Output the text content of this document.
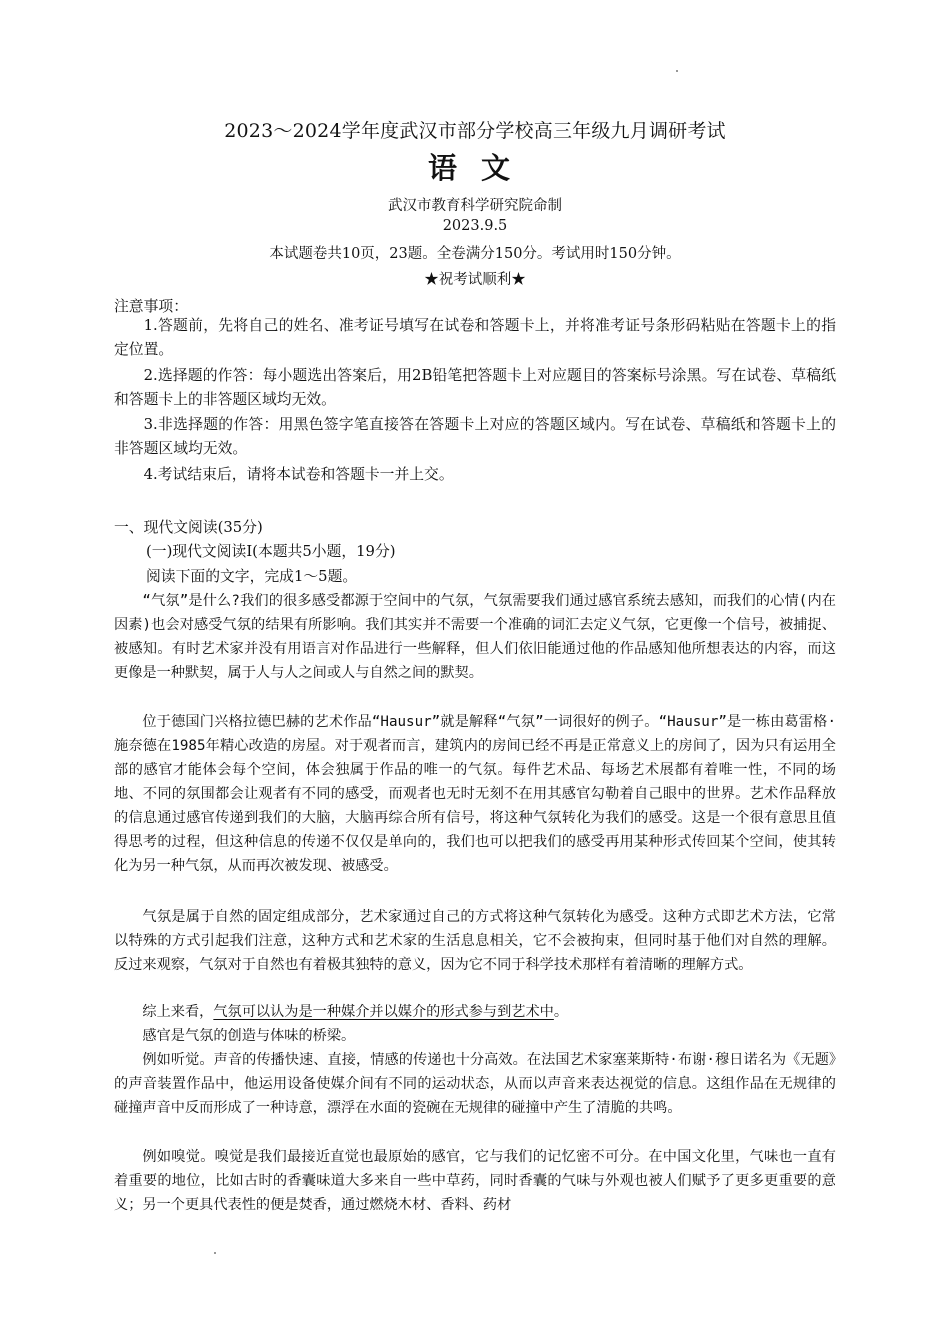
2023～2024学年度武汉市部分学校高三年级九月调研考试
语文
武汉市教育科学研究院命制
2023.9.5
本试题卷共10页，23题。全卷满分150分。考试用时150分钟。
★祝考试顺利★
注意事项：
1.答题前，先将自己的姓名、准考证号填写在试卷和答题卡上，并将准考证号条形码粘贴在答题卡上的指定位置。
2.选择题的作答：每小题选出答案后，用2B铅笔把答题卡上对应题目的答案标号涂黑。写在试卷、草稿纸和答题卡上的非答题区域均无效。
3.非选择题的作答：用黑色签字笔直接答在答题卡上对应的答题区域内。写在试卷、草稿纸和答题卡上的非答题区域均无效。
4.考试结束后，请将本试卷和答题卡一并上交。
一、现代文阅读(35分)
(一)现代文阅读I(本题共5小题，19分)
阅读下面的文字，完成1～5题。
“气氛”是什么?我们的很多感受都源于空间中的气氛，气氛需要我们通过感官系统去感知，而我们的心情(内在因素)也会对感受气氛的结果有所影响。我们其实并不需要一个准确的词汇去定义气氛，它更像一个信号，被捕捉、被感知。有时艺术家并没有用语言对作品进行一些解释，但人们依旧能通过他的作品感知他所想表达的内容，而这更像是一种默契，属于人与人之间或人与自然之间的默契。
位于德国门兴格拉德巴赫的艺术作品“Hausur”就是解释“气氛”一词很好的例子。“Hausur”是一栋由葛雷格·施奈德在1985年精心改造的房屋。对于观者而言，建筑内的房间已经不再是正常意义上的房间了，因为只有运用全部的感官才能体会每个空间，体会独属于作品的唯一的气氛。每件艺术品、每场艺术展都有着唯一性，不同的场地、不同的氛围都会让观者有不同的感受，而观者也无时无刻不在用其感官勾勒着自己眼中的世界。艺术作品释放的信息通过感官传递到我们的大脑，大脑再综合所有信号，将这种气氛转化为我们的感受。这是一个很有意思且值得思考的过程，但这种信息的传递不仅仅是单向的，我们也可以把我们的感受再用某种形式传回某个空间，使其转化为另一种气氛，从而再次被发现、被感受。
气氛是属于自然的固定组成部分，艺术家通过自己的方式将这种气氛转化为感受。这种方式即艺术方法，它常以特殊的方式引起我们注意，这种方式和艺术家的生活息息相关，它不会被拘束，但同时基于他们对自然的理解。反过来观察，气氛对于自然也有着极其独特的意义，因为它不同于科学技术那样有着清晰的理解方式。
综上来看，气氛可以认为是一种媒介并以媒介的形式参与到艺术中。
感官是气氛的创造与体味的桥梁。
例如听觉。声音的传播快速、直接，情感的传递也十分高效。在法国艺术家塞莱斯特·布谢·穆日诺名为《无题》的声音装置作品中，他运用设备使媒介间有不同的运动状态，从而以声音来表达视觉的信息。这组作品在无规律的碰撞声音中反而形成了一种诗意，漂浮在水面的瓷碗在无规律的碰撞中产生了清脆的共鸣。
例如嗅觉。嗅觉是我们最接近直觉也最原始的感官，它与我们的记忆密不可分。在中国文化里，气味也一直有着重要的地位，比如古时的香囊味道大多来自一些中草药，同时香囊的气味与外观也被人们赋予了更多更重要的意义；另一个更具代表性的便是焚香，通过燃烧木材、香料、药材
